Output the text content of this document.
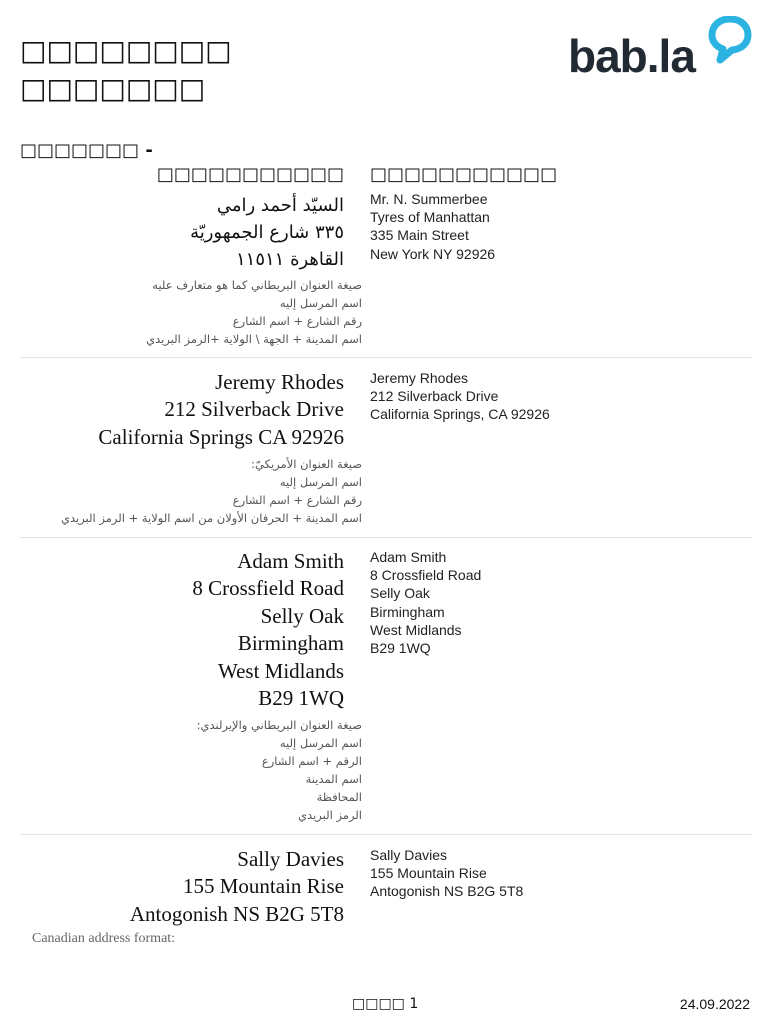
□□□□□□□□
□□□□□□□
bab.la
□□□□□□□ -
□□□□□□□□□□□ □□□□□□□□□□□
السيّد أحمد رامي
٣٣٥ شارع الجمهوريّة
القاهرة ١١٥١١
Mr. N. Summerbee
Tyres of Manhattan
335 Main Street
New York NY 92926
صيغة العنوان البريطاني كما هو متعارف عليه
اسم المرسل إليه
رقم الشارع + اسم الشارع
اسم المدينة + الجهة \ الولاية +الرمز البريدي
Jeremy Rhodes
212 Silverback Drive
California Springs CA 92926
Jeremy Rhodes
212 Silverback Drive
California Springs, CA 92926
صيغة العنوان الأمريكيّ:
اسم المرسل إليه
رقم الشارع + اسم الشارع
اسم المدينة + الحرفان الأولان من اسم الولاية + الرمز البريدي
Adam Smith
8 Crossfield Road
Selly Oak
Birmingham
West Midlands
B29 1WQ
Adam Smith
8 Crossfield Road
Selly Oak
Birmingham
West Midlands
B29 1WQ
صيغة العنوان البريطاني والإيرلندي:
اسم المرسل إليه
الرقم + اسم الشارع
اسم المدينة
المحافظة
الرمز البريدي
Sally Davies
155 Mountain Rise
Antogonish NS B2G 5T8
Sally Davies
155 Mountain Rise
Antogonish NS B2G 5T8
Canadian address format:
□□□□ 1	24.09.2022
